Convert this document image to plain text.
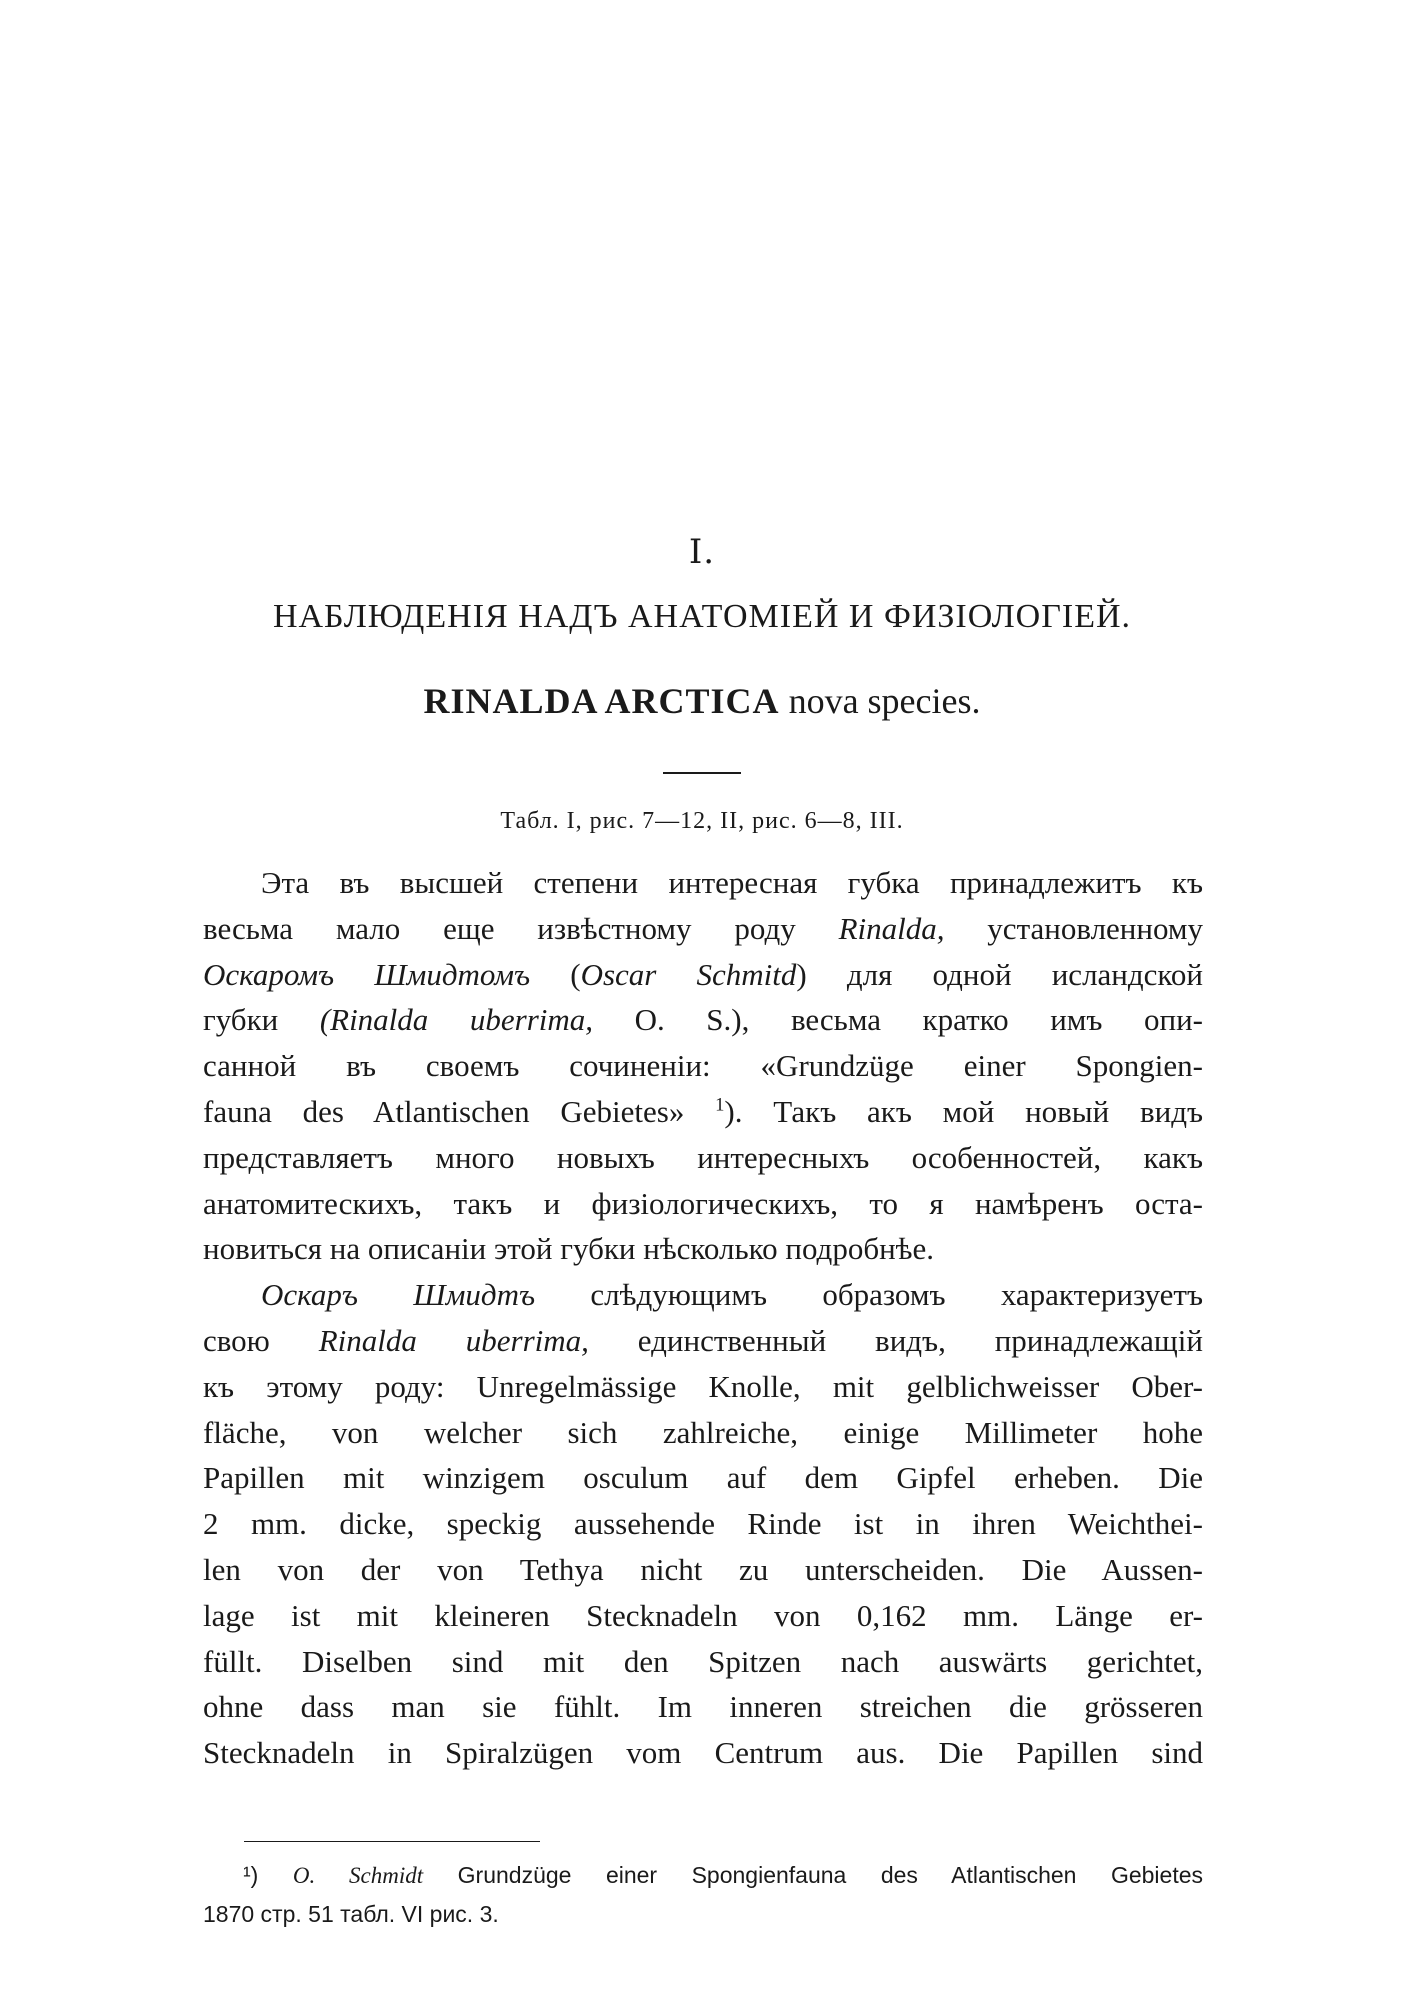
I.
НАБЛЮДЕНІЯ НАДЪ АНАТОМІЕЙ И ФИЗІОЛОГІЕЙ.
RINALDA ARCTICA nova species.
Табл. I, рис. 7—12, II, рис. 6—8, III.
Эта въ высшей степени интересная губка принадлежитъ къ
весьма мало еще извѣстному роду Rinalda, установленному
Оскаромъ Шмидтомъ (Oscar Schmitd) для одной исландской
губки (Rinalda uberrima, O. S.), весьма кратко имъ опи-
санной въ своемъ сочиненіи: «Grundzüge einer Spongien-
fauna des Atlantischen Gebietes» $^1$). Такъ акъ мой новый видъ
представляетъ много новыхъ интересныхъ особенностей, какъ
анатомитескихъ, такъ и физіологическихъ, то я намѣренъ оста-
новиться на описаніи этой губки нѣсколько подробнѣе.
Оскаръ Шмидтъ слѣдующимъ образомъ характеризуетъ
свою Rinalda uberrima, единственный видъ, принадлежащій
къ этому роду: Unregelmässige Knolle, mit gelblichweisser Ober-
fläche, von welcher sich zahlreiche, einige Millimeter hohe
Papillen mit winzigem osculum auf dem Gipfel erheben. Die
2 mm. dicke, speckig aussehende Rinde ist in ihren Weichthei-
len von der von Tethya nicht zu unterscheiden. Die Aussen-
lage ist mit kleineren Stecknadeln von 0,162 mm. Länge er-
füllt. Diselben sind mit den Spitzen nach auswärts gerichtet,
ohne dass man sie fühlt. Im inneren streichen die grösseren
Stecknadeln in Spiralzügen vom Centrum aus. Die Papillen sind
¹) O. Schmidt Grundzüge einer Spongienfauna des Atlantischen Gebietes
1870 стр. 51 табл. VI рис. 3.
